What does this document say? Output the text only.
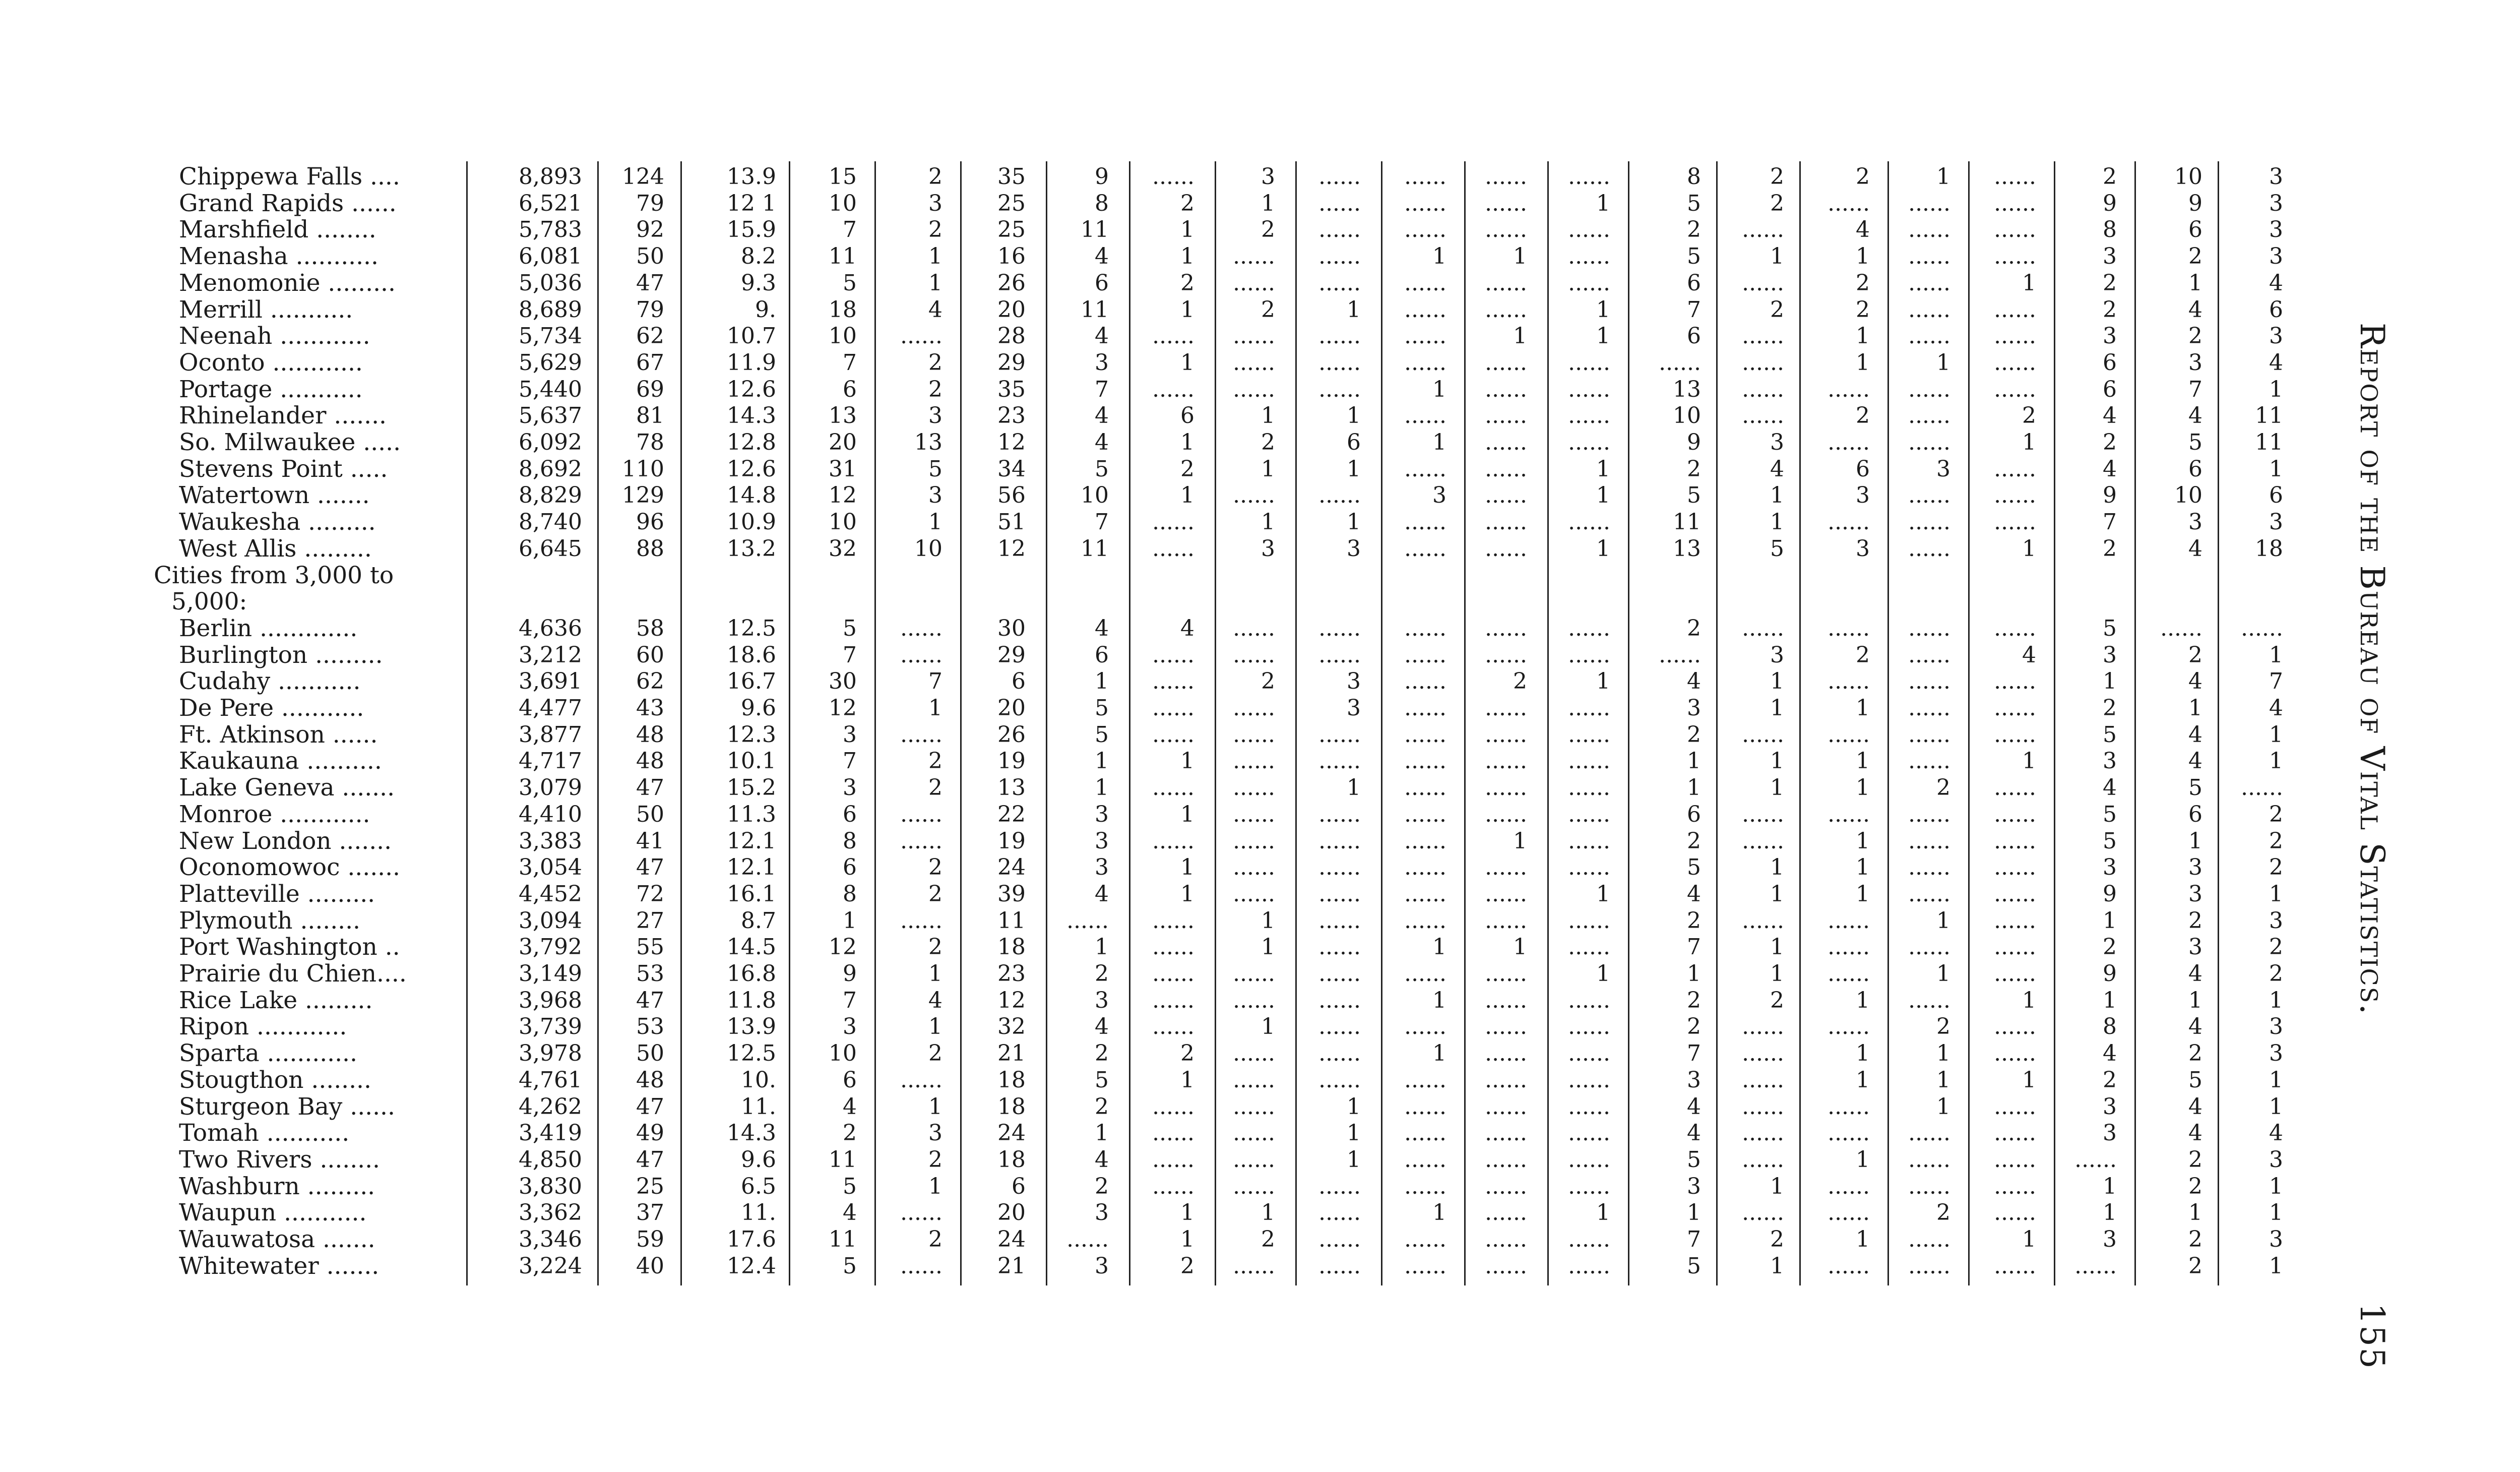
Chippewa Falls ....	8,893	124	13.9	15	2	35	9	......	3	......	......	......	......	8	2	2	1	......	2	10	3
Grand Rapids ......	6,521	79	12 1	10	3	25	8	2	1	......	......	......	1	5	2	......	......	......	9	9	3
Marshfield ........	5,783	92	15.9	7	2	25	11	1	2	......	......	......	......	2	......	4	......	......	8	6	3
Menasha ...........	6,081	50	8.2	11	1	16	4	1	......	......	1	1	......	5	1	1	......	......	3	2	3
Menomonie .........	5,036	47	9.3	5	1	26	6	2	......	......	......	......	......	6	......	2	......	1	2	1	4
Merrill ...........	8,689	79	9.	18	4	20	11	1	2	1	......	......	1	7	2	2	......	......	2	4	6
Neenah ............	5,734	62	10.7	10	......	28	4	......	......	......	......	1	1	6	......	1	......	......	3	2	3
Oconto ............	5,629	67	11.9	7	2	29	3	1	......	......	......	......	......	......	......	1	1	......	6	3	4
Portage ...........	5,440	69	12.6	6	2	35	7	......	......	......	1	......	......	13	......	......	......	......	6	7	1
Rhinelander .......	5,637	81	14.3	13	3	23	4	6	1	1	......	......	......	10	......	2	......	2	4	4	11
So. Milwaukee .....	6,092	78	12.8	20	13	12	4	1	2	6	1	......	......	9	3	......	......	1	2	5	11
Stevens Point .....	8,692	110	12.6	31	5	34	5	2	1	1	......	......	1	2	4	6	3	......	4	6	1
Watertown .......	8,829	129	14.8	12	3	56	10	1	......	......	3	......	1	5	1	3	......	......	9	10	6
Waukesha .........	8,740	96	10.9	10	1	51	7	......	1	1	......	......	......	11	1	......	......	......	7	3	3
West Allis .........	6,645	88	13.2	32	10	12	11	......	3	3	......	......	1	13	5	3	......	1	2	4	18
Cities from 3,000 to
5,000:
Berlin .............	4,636	58	12.5	5	......	30	4	4	......	......	......	......	......	2	......	......	......	......	5	......	......
Burlington .........	3,212	60	18.6	7	......	29	6	......	......	......	......	......	......	......	3	2	......	4	3	2	1
Cudahy ...........	3,691	62	16.7	30	7	6	1	......	2	3	......	2	1	4	1	......	......	......	1	4	7
De Pere ...........	4,477	43	9.6	12	1	20	5	......	......	3	......	......	......	3	1	1	......	......	2	1	4
Ft. Atkinson ......	3,877	48	12.3	3	......	26	5	......	......	......	......	......	......	2	......	......	......	......	5	4	1
Kaukauna ..........	4,717	48	10.1	7	2	19	1	1	......	......	......	......	......	1	1	1	......	1	3	4	1
Lake Geneva .......	3,079	47	15.2	3	2	13	1	......	......	1	......	......	......	1	1	1	2	......	4	5	......
Monroe ............	4,410	50	11.3	6	......	22	3	1	......	......	......	......	......	6	......	......	......	......	5	6	2
New London .......	3,383	41	12.1	8	......	19	3	......	......	......	......	1	......	2	......	1	......	......	5	1	2
Oconomowoc .......	3,054	47	12.1	6	2	24	3	1	......	......	......	......	......	5	1	1	......	......	3	3	2
Platteville .........	4,452	72	16.1	8	2	39	4	1	......	......	......	......	1	4	1	1	......	......	9	3	1
Plymouth ........	3,094	27	8.7	1	......	11	......	......	1	......	......	......	......	2	......	......	1	......	1	2	3
Port Washington ..	3,792	55	14.5	12	2	18	1	......	1	......	1	1	......	7	1	......	......	......	2	3	2
Prairie du Chien....	3,149	53	16.8	9	1	23	2	......	......	......	......	......	1	1	1	......	1	......	9	4	2
Rice Lake .........	3,968	47	11.8	7	4	12	3	......	......	......	1	......	......	2	2	1	......	1	1	1	1
Ripon ............	3,739	53	13.9	3	1	32	4	......	1	......	......	......	......	2	......	......	2	......	8	4	3
Sparta ............	3,978	50	12.5	10	2	21	2	2	......	......	1	......	......	7	......	1	1	......	4	2	3
Stougthon ........	4,761	48	10.	6	......	18	5	1	......	......	......	......	......	3	......	1	1	1	2	5	1
Sturgeon Bay ......	4,262	47	11.	4	1	18	2	......	......	1	......	......	......	4	......	......	1	......	3	4	1
Tomah ...........	3,419	49	14.3	2	3	24	1	......	......	1	......	......	......	4	......	......	......	......	3	4	4
Two Rivers ........	4,850	47	9.6	11	2	18	4	......	......	1	......	......	......	5	......	1	......	......	......	2	3
Washburn .........	3,830	25	6.5	5	1	6	2	......	......	......	......	......	......	3	1	......	......	......	1	2	1
Waupun ...........	3,362	37	11.	4	......	20	3	1	1	......	1	......	1	1	......	......	2	......	1	1	1
Wauwatosa .......	3,346	59	17.6	11	2	24	......	1	2	......	......	......	......	7	2	1	......	1	3	2	3
Whitewater .......	3,224	40	12.4	5	......	21	3	2	......	......	......	......	......	5	1	......	......	......	......	2	1
Report of the Bureau of Vital Statistics.
155
